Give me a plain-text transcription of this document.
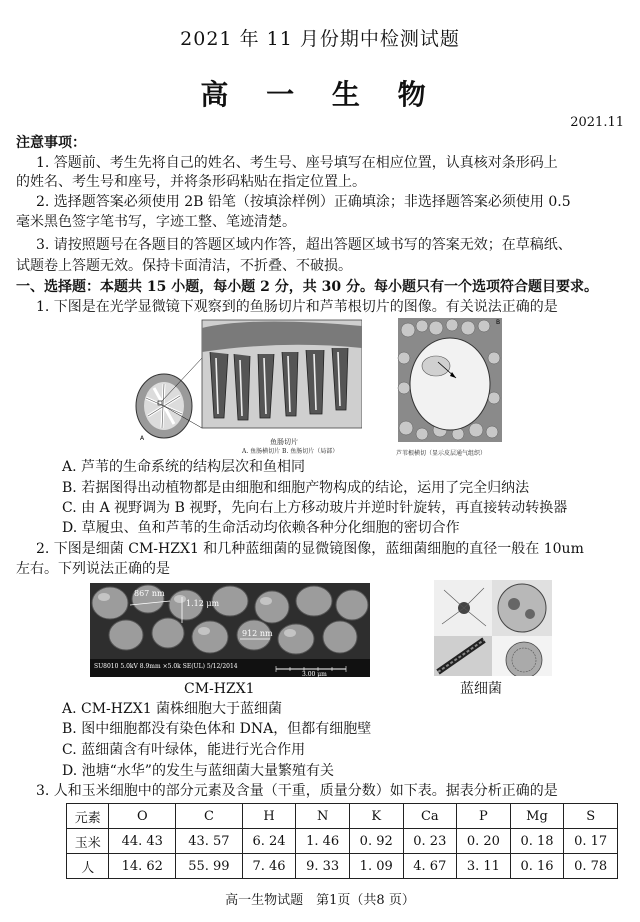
2021 年 11 月份期中检测试题
高 一 生 物
2021.11
注意事项：
1. 答题前、考生先将自己的姓名、考生号、座号填写在相应位置，认真核对条形码上
的姓名、考生号和座号，并将条形码粘贴在指定位置上。
2. 选择题答案必须使用 2B 铅笔（按填涂样例）正确填涂；非选择题答案必须使用 0.5
毫米黑色签字笔书写，字迹工整、笔迹清楚。
3. 请按照题号在各题目的答题区域内作答，超出答题区域书写的答案无效；在草稿纸、
试题卷上答题无效。保持卡面清洁，不折叠、不破损。
一、选择题：本题共 15 小题，每小题 2 分，共 30 分。每小题只有一个选项符合题目要求。
1. 下图是在光学显微镜下观察到的鱼肠切片和芦苇根切片的图像。有关说法正确的是
A	鱼肠切片
A. 鱼肠横切片 B. 鱼肠切片（局部）
B
芦苇根横切（显示皮层通气组织）
A. 芦苇的生命系统的结构层次和鱼相同
B. 若据图得出动植物都是由细胞和细胞产物构成的结论，运用了完全归纳法
C. 由 A 视野调为 B 视野，先向右上方移动玻片并逆时针旋转，再直接转动转换器
D. 草履虫、鱼和芦苇的生命活动均依赖各种分化细胞的密切合作
2. 下图是细菌 CM-HZX1 和几种蓝细菌的显微镜图像，蓝细菌细胞的直径一般在 10um
左右。下列说法正确的是
867 nm
1.12 μm
912 nm
SU8010 5.0kV 8.9mm ×5.0k SE(UL) 5/12/2014
3.00 μm
CM-HZX1	蓝细菌
A. CM-HZX1 菌株细胞大于蓝细菌
B. 图中细胞都没有染色体和 DNA，但都有细胞壁
C. 蓝细菌含有叶绿体，能进行光合作用
D. 池塘“水华”的发生与蓝细菌大量繁殖有关
3. 人和玉米细胞中的部分元素及含量（干重，质量分数）如下表。据表分析正确的是
元素	O	C	H	N	K	Ca	P	Mg	S
玉米	44. 43	43. 57	6. 24	1. 46	0. 92	0. 23	0. 20	0. 18	0. 17
人	14. 62	55. 99	7. 46	9. 33	1. 09	4. 67	3. 11	0. 16	0. 78
高一生物试题　第1页（共8 页）
